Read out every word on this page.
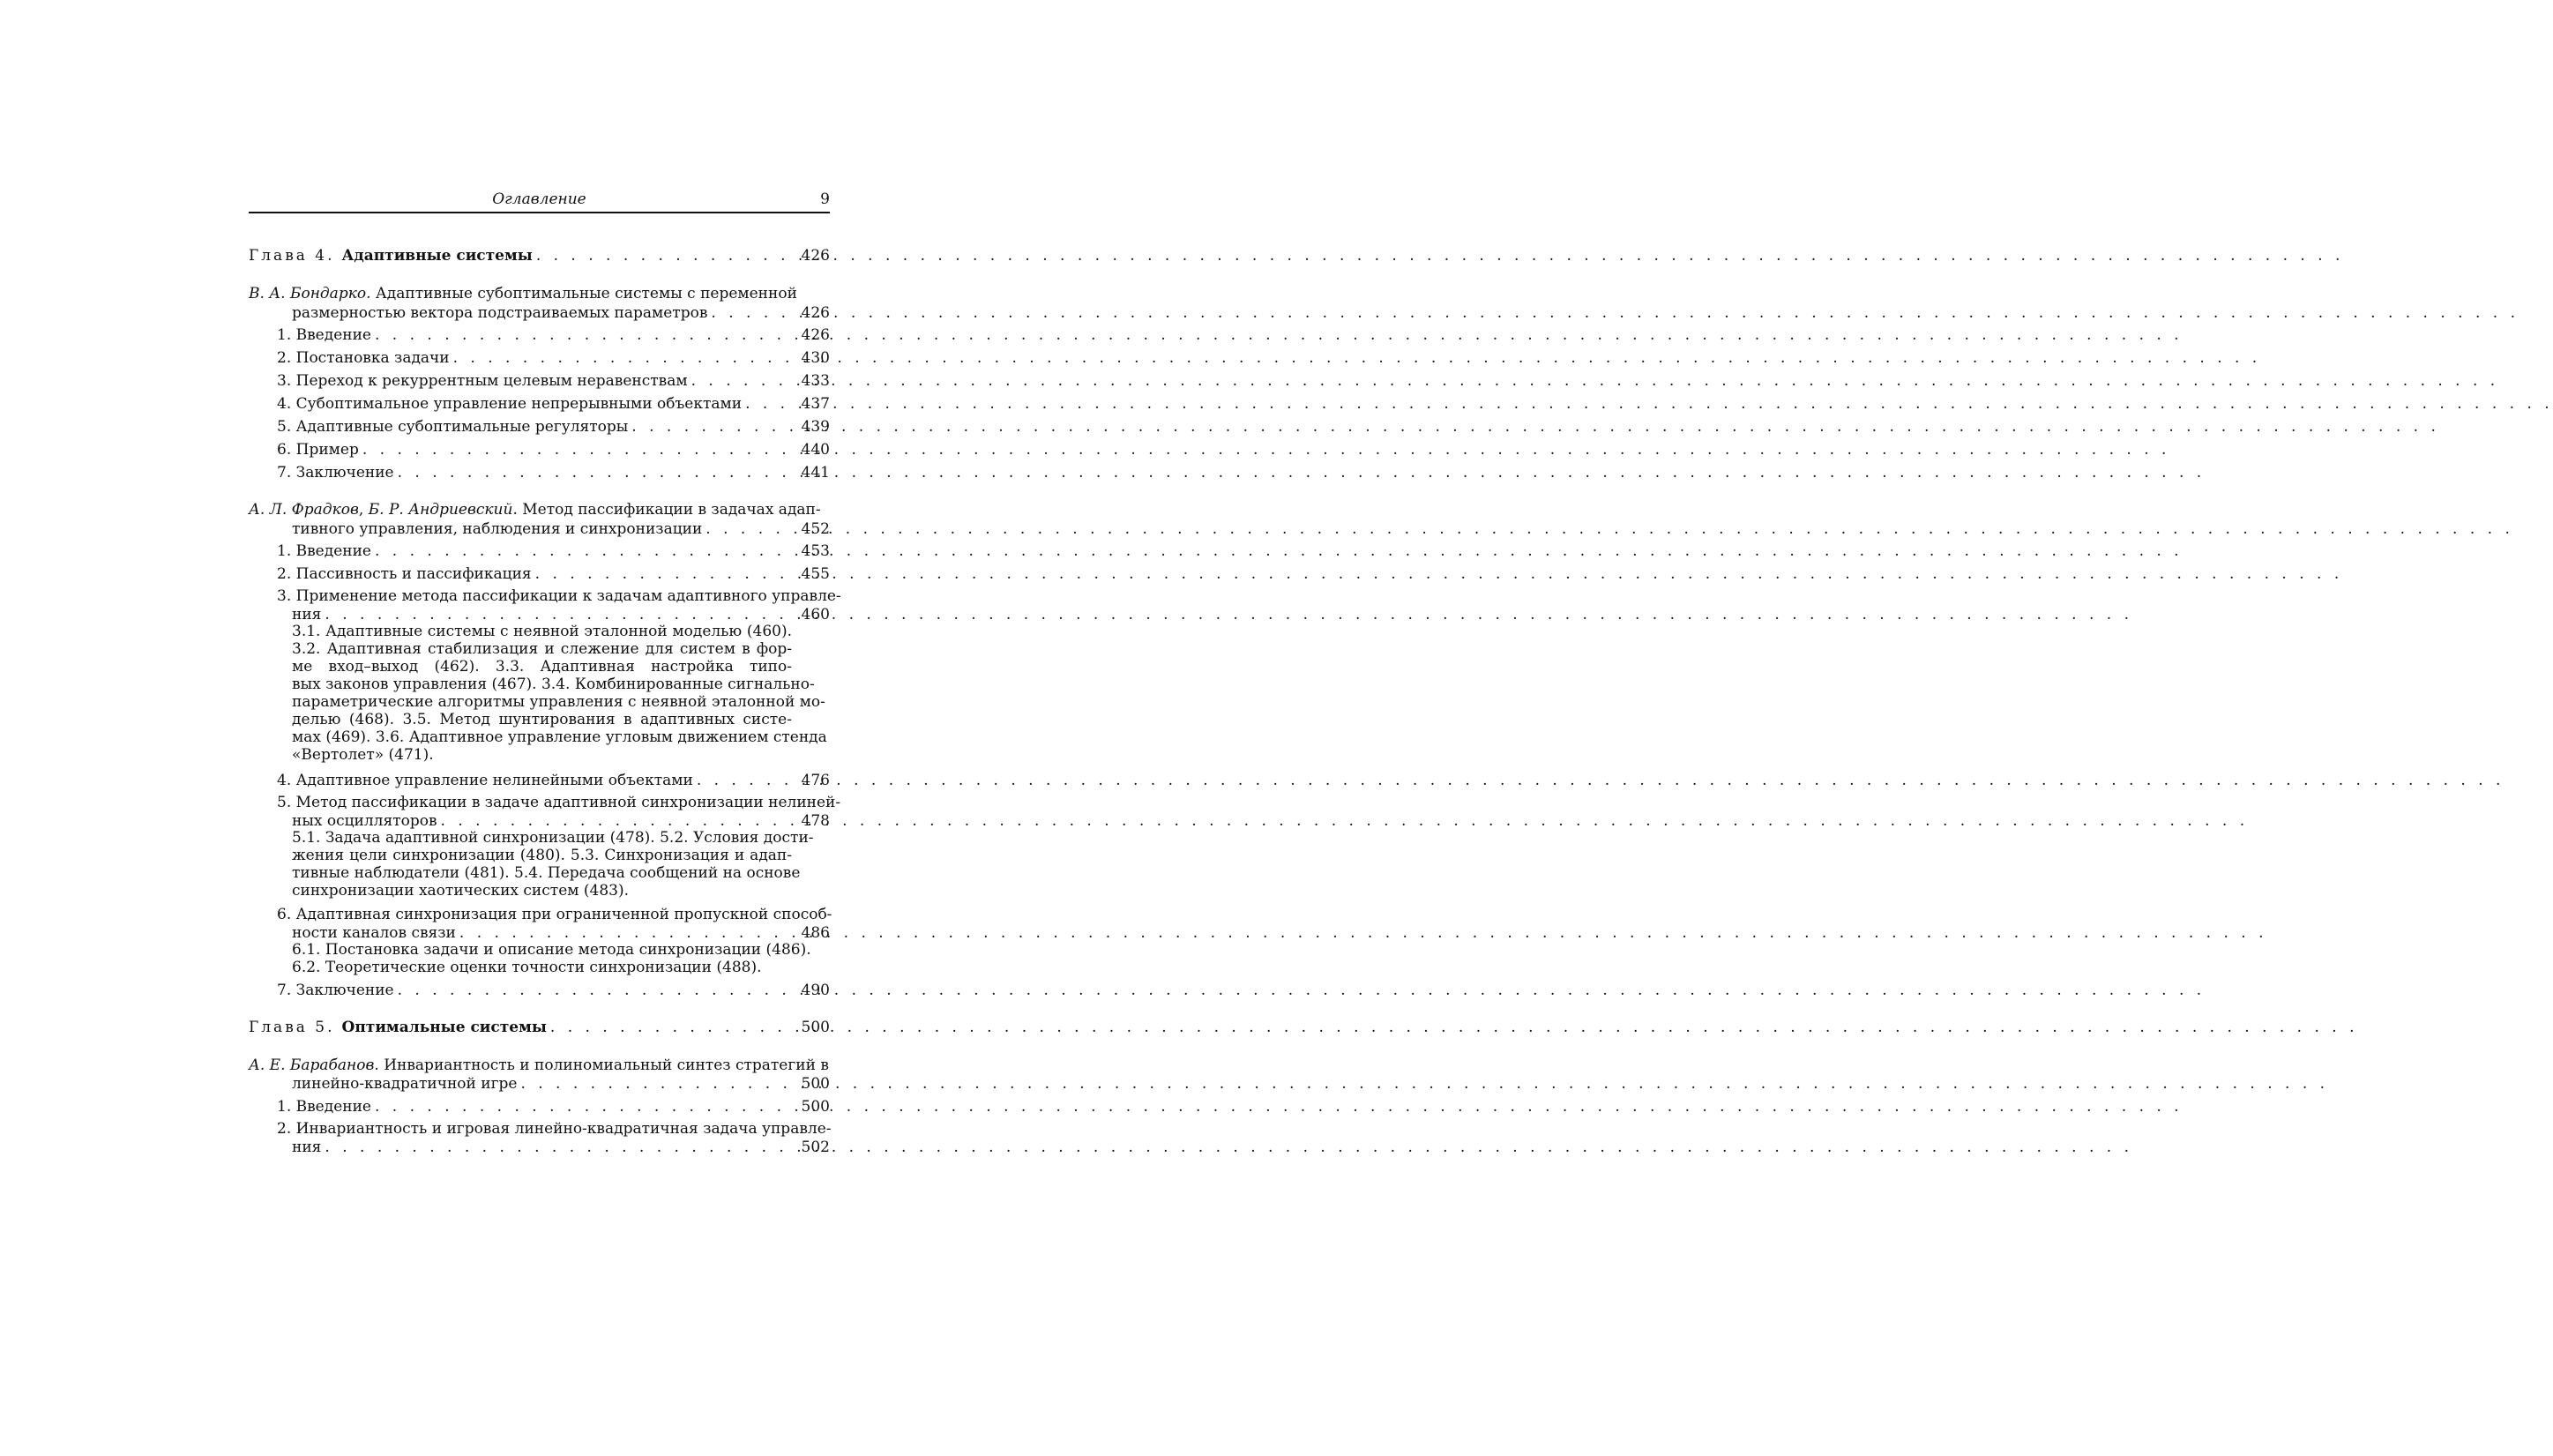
Оглавление	9
Глава 4. Адаптивные системы . . .	426
В. А. Бондарко. Адаптивные субоптимальные системы с переменной
размерностью вектора подстраиваемых параметров . . .	426
1. Введение . . .	426
2. Постановка задачи . . .	430
3. Переход к рекуррентным целевым неравенствам . . .	433
4. Субоптимальное управление непрерывными объектами . . .	437
5. Адаптивные субоптимальные регуляторы . . .	439
6. Пример . . .	440
7. Заключение . . .	441
А. Л. Фрадков, Б. Р. Андриевский. Метод пассификации в задачах адап-
тивного управления, наблюдения и синхронизации . . .	452
1. Введение . . .	453
2. Пассивность и пассификация . . .	455
3. Применение метода пассификации к задачам адаптивного управле-
ния . . .	460
3.1. Адаптивные системы с неявной эталонной моделью (460).
3.2. Адаптивная стабилизация и слежение для систем в фор-
ме вход–выход (462). 3.3. Адаптивная настройка типо-
вых законов управления (467). 3.4. Комбинированные сигнально-
параметрические алгоритмы управления с неявной эталонной мо-
делью (468). 3.5. Метод шунтирования в адаптивных систе-
мах (469). 3.6. Адаптивное управление угловым движением стенда
«Вертолет» (471).
4. Адаптивное управление нелинейными объектами . . .	476
5. Метод пассификации в задаче адаптивной синхронизации нелиней-
ных осцилляторов . . .	478
5.1. Задача адаптивной синхронизации (478). 5.2. Условия дости-
жения цели синхронизации (480). 5.3. Синхронизация и адап-
тивные наблюдатели (481). 5.4. Передача сообщений на основе
синхронизации хаотических систем (483).
6. Адаптивная синхронизация при ограниченной пропускной способ-
ности каналов связи . . .	486
6.1. Постановка задачи и описание метода синхронизации (486).
6.2. Теоретические оценки точности синхронизации (488).
7. Заключение . . .	490
Глава 5. Оптимальные системы . . .	500
А. Е. Барабанов. Инвариантность и полиномиальный синтез стратегий в
линейно-квадратичной игре . . .	500
1. Введение . . .	500
2. Инвариантность и игровая линейно-квадратичная задача управле-
ния . . .	502
